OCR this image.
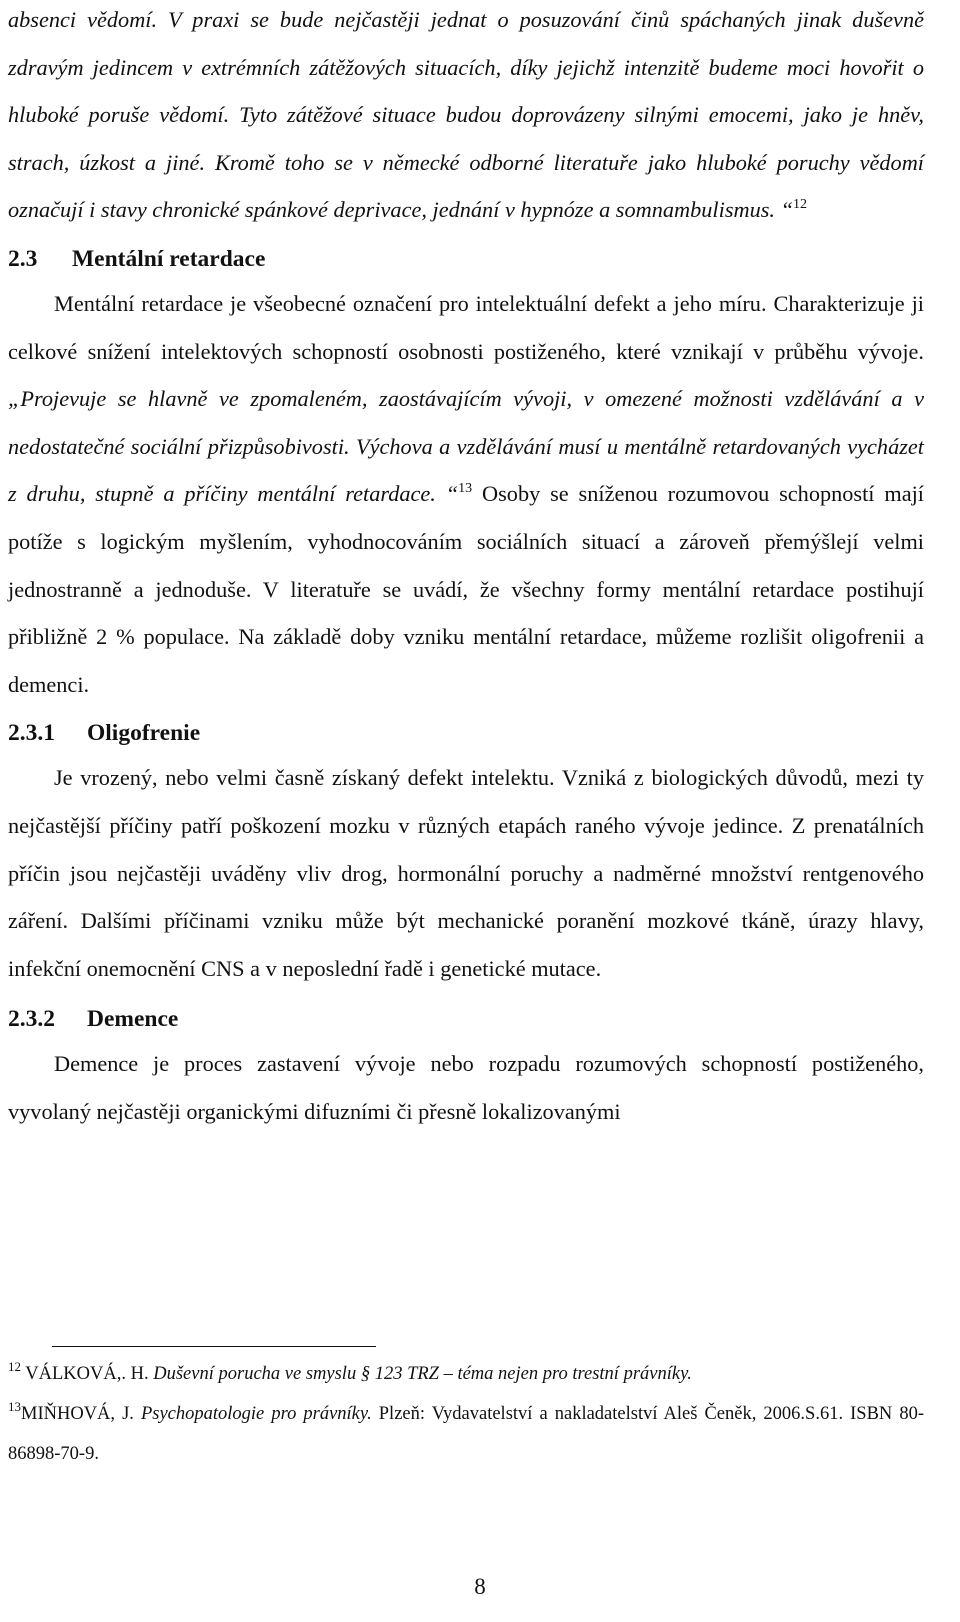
absenci vědomí. V praxi se bude nejčastěji jednat o posuzování činů spáchaných jinak duševně zdravým jedincem v extrémních zátěžových situacích, díky jejichž intenzitě budeme moci hovořit o hluboké poruše vědomí. Tyto zátěžové situace budou doprovázeny silnými emocemi, jako je hněv, strach, úzkost a jiné. Kromě toho se v německé odborné literatuře jako hluboké poruchy vědomí označují i stavy chronické spánkové deprivace, jednání v hypnóze a somnambulismus. “$^{12}$

2.3 Mentální retardace

Mentální retardace je všeobecné označení pro intelektuální defekt a jeho míru. Charakterizuje ji celkové snížení intelektových schopností osobnosti postiženého, které vznikají v průběhu vývoje. „Projevuje se hlavně ve zpomaleném, zaostávajícím vývoji, v omezené možnosti vzdělávání a v nedostatečné sociální přizpůsobivosti. Výchova a vzdělávání musí u mentálně retardovaných vycházet z druhu, stupně a příčiny mentální retardace. “$^{13}$ Osoby se sníženou rozumovou schopností mají potíže s logickým myšlením, vyhodnocováním sociálních situací a zároveň přemýšlejí velmi jednostranně a jednoduše. V literatuře se uvádí, že všechny formy mentální retardace postihují přibližně 2 % populace. Na základě doby vzniku mentální retardace, můžeme rozlišit oligofrenii a demenci.

2.3.1 Oligofrenie

Je vrozený, nebo velmi časně získaný defekt intelektu. Vzniká z biologických důvodů, mezi ty nejčastější příčiny patří poškození mozku v různých etapách raného vývoje jedince. Z prenatálních příčin jsou nejčastěji uváděny vliv drog, hormonální poruchy a nadměrné množství rentgenového záření. Dalšími příčinami vzniku může být mechanické poranění mozkové tkáně, úrazy hlavy, infekční onemocnění CNS a v neposlední řadě i genetické mutace.

2.3.2 Demence

Demence je proces zastavení vývoje nebo rozpadu rozumových schopností postiženého, vyvolaný nejčastěji organickými difuzními či přesně lokalizovanými

$^{12}$ VÁLKOVÁ,. H. Duševní porucha ve smyslu § 123 TRZ – téma nejen pro trestní právníky.

$^{13}$MIŇHOVÁ, J. Psychopatologie pro právníky. Plzeň: Vydavatelství a nakladatelství Aleš Čeněk, 2006.S.61. ISBN 80-86898-70-9.

8
